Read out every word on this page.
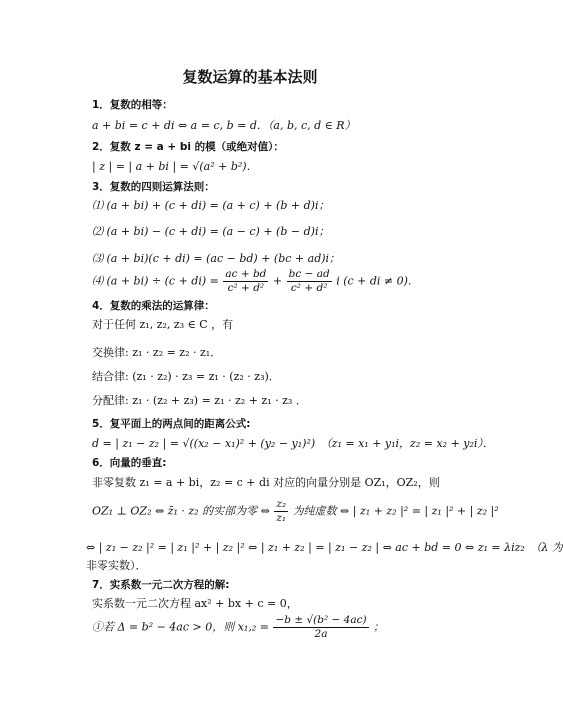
复数运算的基本法则
1．复数的相等：
a + bi = c + di ⇔ a = c, b = d．（a, b, c, d ∈ R）
2．复数 z = a + bi 的模（或绝对值）：
| z | = | a + bi | = √(a² + b²)．
3．复数的四则运算法则：
⑴ (a + bi) + (c + di) = (a + c) + (b + d)i；
⑵ (a + bi) − (c + di) = (a − c) + (b − d)i；
⑶ (a + bi)(c + di) = (ac − bd) + (bc + ad)i；
⑷ $(a + bi) \div (c + di) = \frac{ac + bd}{\text{c² + d²}} + \frac{bc - ad}{\text{c² + d²}}$ i (c + di ≠ 0)．
4．复数的乘法的运算律：
对于任何 z₁, z₂, z₃ ∈ C ，有
交换律: z₁ · z₂ = z₂ · z₁．
结合律: (z₁ · z₂) · z₃ = z₁ · (z₂ · z₃)．
分配律: z₁ · (z₂ + z₃) = z₁ · z₂ + z₁ · z₃ ．
5．复平面上的两点间的距离公式:
d = | z₁ − z₂ | = √((x₂ − x₁)² + (y₂ − y₁)²)　（z₁ = x₁ + y₁i，z₂ = x₂ + y₂i）．
6．向量的垂直:
非零复数 z₁ = a + bi，z₂ = c + di 对应的向量分别是 OZ₁，OZ₂，则
OZ₁ ⊥ OZ₂ ⇔ z̄₁ · z₂ 的实部为零 ⇔ $\frac{\text{z₂}}{\text{z₁}}$ 为纯虚数 ⇔ | z₁ + z₂ |² = | z₁ |² + | z₂ |²
⇔ | z₁ − z₂ |² = | z₁ |² + | z₂ |² ⇔ | z₁ + z₂ | = | z₁ − z₂ | ⇔ ac + bd = 0 ⇔ z₁ = λiz₂　（λ 为
非零实数）．
7．实系数一元二次方程的解:
实系数一元二次方程 ax² + bx + c = 0，
①若 Δ = b² − 4ac > 0，则 $x_1,_2 = \frac{\text{−b ± √(b² − 4ac)}}{2a}$ ；
